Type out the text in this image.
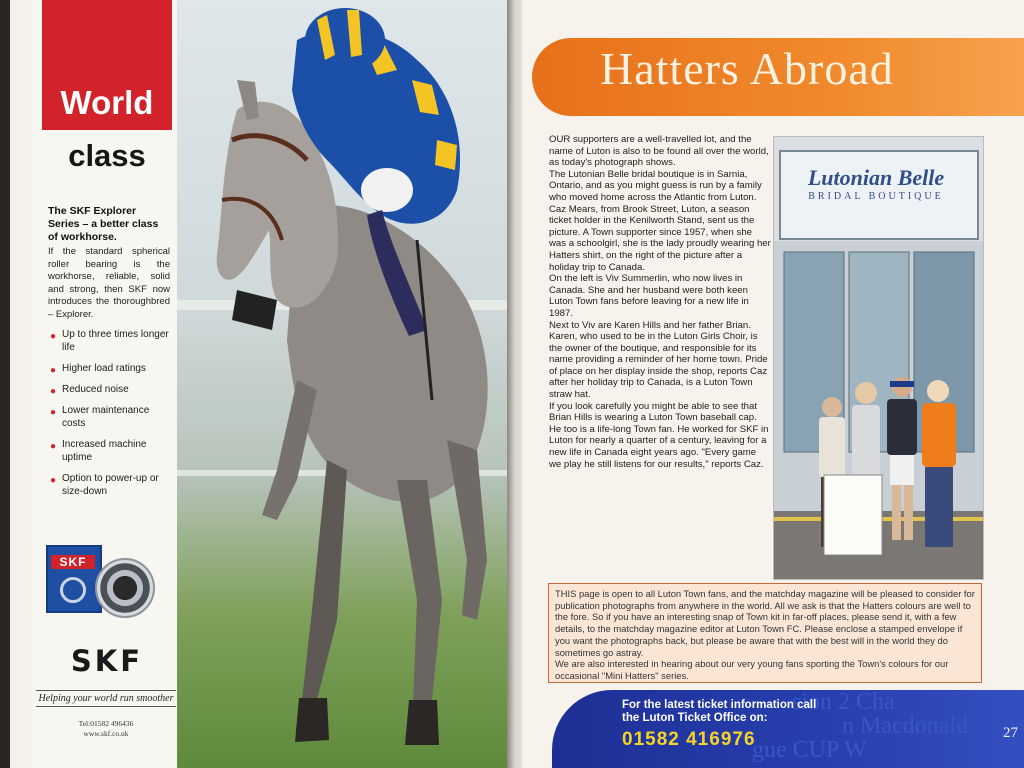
World
class
The SKF Explorer Series – a better class of workhorse.
If the standard spherical roller bearing is the workhorse, reliable, solid and strong, then SKF now introduces the thoroughbred – Explorer.
● Up to three times longer life
● Higher load ratings
● Reduced noise
● Lower maintenance costs
● Increased machine uptime
● Option to power-up or size-down
SKF
SKF
Helping your world run smoother
Tel:01582 496436
www.skf.co.uk
Hatters Abroad

OUR supporters are a well-travelled lot, and the name of Luton is also to be found all over the world, as today's photograph shows.

The Lutonian Belle bridal boutique is in Sarnia, Ontario, and as you might guess is run by a family who moved home across the Atlantic from Luton.

Caz Mears, from Brook Street, Luton, a season ticket holder in the Kenilworth Stand, sent us the picture. A Town supporter since 1957, when she was a schoolgirl, she is the lady proudly wearing her Hatters shirt, on the right of the picture after a holiday trip to Canada.

On the left is Viv Summerlin, who now lives in Canada. She and her husband were both keen Luton Town fans before leaving for a new life in 1987.

Next to Viv are Karen Hills and her father Brian. Karen, who used to be in the Luton Girls Choir, is the owner of the boutique, and responsible for its name providing a reminder of her home town. Pride of place on her display inside the shop, reports Caz after her holiday trip to Canada, is a Luton Town straw hat.

If you look carefully you might be able to see that Brian Hills is wearing a Luton Town baseball cap. He too is a life-long Town fan. He worked for SKF in Luton for nearly a quarter of a century, leaving for a new life in Canada eight years ago. "Every game we play he still listens for our results," reports Caz.

Lutonian Belle
BRIDAL BOUTIQUE

THIS page is open to all Luton Town fans, and the matchday magazine will be pleased to consider for publication photographs from anywhere in the world. All we ask is that the Hatters colours are well to the fore. So if you have an interesting snap of Town kit in far-off places, please send it, with a few details, to the matchday magazine editor at Luton Town FC. Please enclose a stamped envelope if you want the photographs back, but please be aware that with the best will in the world they do sometimes go astray.

We are also interested in hearing about our very young fans sporting the Town's colours for our occasional "Mini Hatters" series.

sion 2 Cha
n Macdonald
gue CUP W
For the latest ticket information call
the Luton Ticket Office on:
01582 416976	27
